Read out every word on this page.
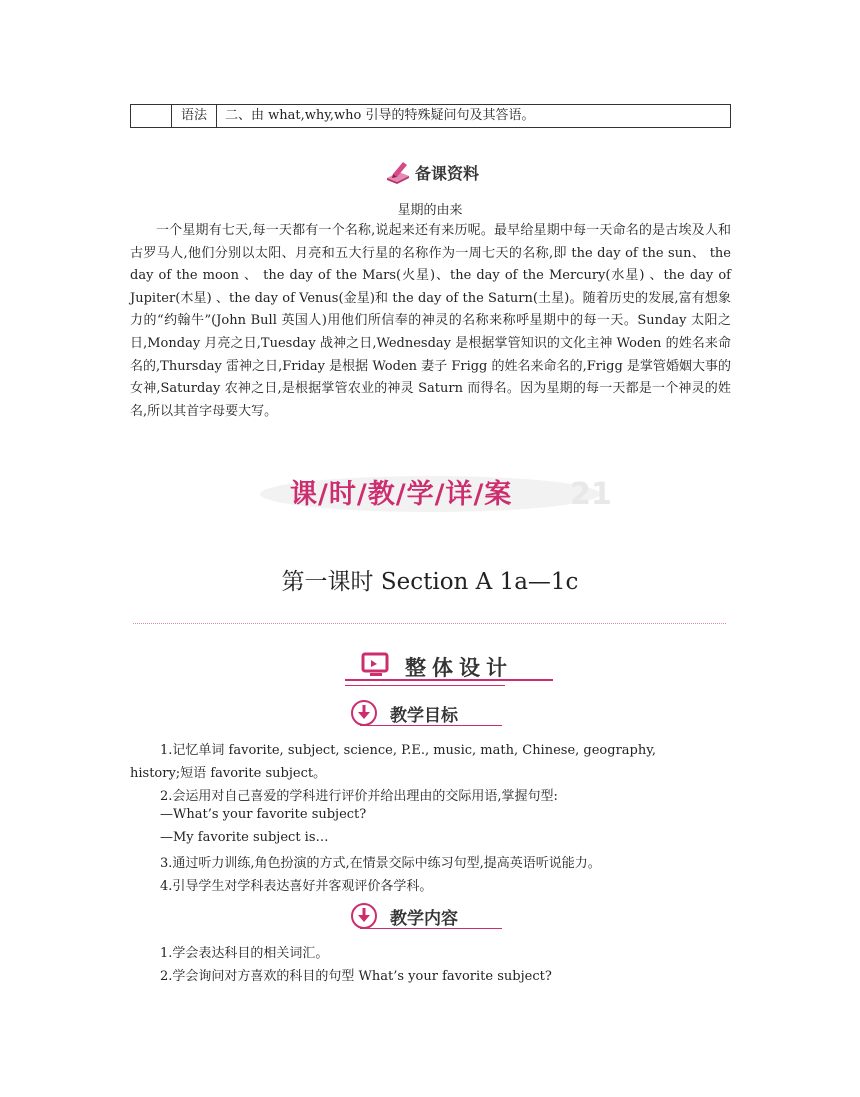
语法	二、由 what,why,who 引导的特殊疑问句及其答语。
备课资料
星期的由来

一个星期有七天,每一天都有一个名称,说起来还有来历呢。最早给星期中每一天命名的是古埃及人和古罗马人,他们分别以太阳、月亮和五大行星的名称作为一周七天的名称,即 the day of the sun、 the day of the moon 、 the day of the Mars(火星)、the day of the Mercury(水星) 、the day of Jupiter(木星) 、the day of Venus(金星)和 the day of the Saturn(土星)。随着历史的发展,富有想象力的“约翰牛”(John Bull 英国人)用他们所信奉的神灵的名称来称呼星期中的每一天。Sunday 太阳之日,Monday 月亮之日,Tuesday 战神之日,Wednesday 是根据掌管知识的文化主神 Woden 的姓名来命名的,Thursday 雷神之日,Friday 是根据 Woden 妻子 Frigg 的姓名来命名的,Frigg 是掌管婚姻大事的女神,Saturday 农神之日,是根据掌管农业的神灵 Saturn 而得名。因为星期的每一天都是一个神灵的姓名,所以其首字母要大写。

21
课/时/教/学/详/案
第一课时 Section A 1a—1c
整体设计
教学目标
1.记忆单词 favorite, subject, science, P.E., music, math, Chinese, geography,
history;短语 favorite subject。
2.会运用对自己喜爱的学科进行评价并给出理由的交际用语,掌握句型:
—What’s your favorite subject?
—My favorite subject is…
3.通过听力训练,角色扮演的方式,在情景交际中练习句型,提高英语听说能力。
4.引导学生对学科表达喜好并客观评价各学科。
教学内容
1.学会表达科目的相关词汇。
2.学会询问对方喜欢的科目的句型 What’s your favorite subject?
